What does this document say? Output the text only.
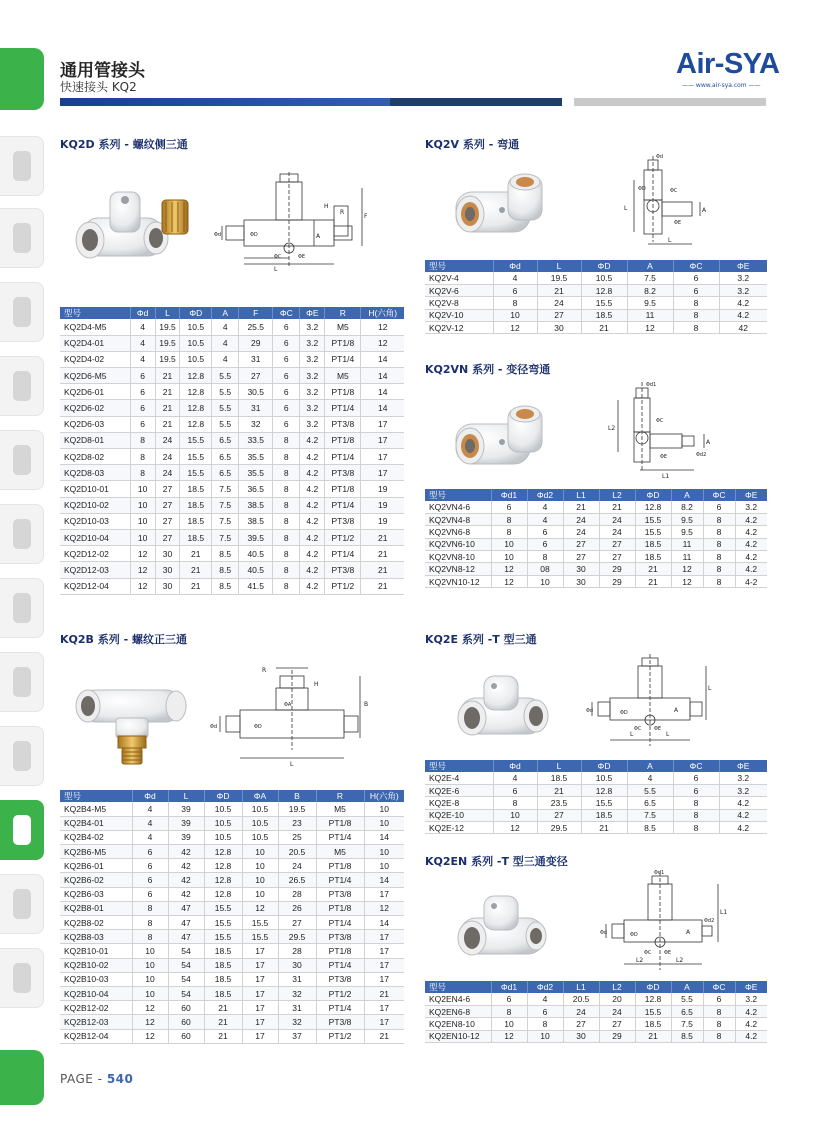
通用管接头
快速接头 KQ2
Air-SYA
—— www.air-sya.com ——
KQ2D 系列 - 螺纹侧三通
L
H
R
F
A
Φd	ΦD
ΦC	ΦE
型号	Φd	L	ΦD	A	F	ΦC	ΦE	R	H(六角)
KQ2D4-M5	4	19.5	10.5	4	25.5	6	3.2	M5	12
KQ2D4-01	4	19.5	10.5	4	29	6	3.2	PT1/8	12
KQ2D4-02	4	19.5	10.5	4	31	6	3.2	PT1/4	14
KQ2D6-M5	6	21	12.8	5.5	27	6	3.2	M5	14
KQ2D6-01	6	21	12.8	5.5	30.5	6	3.2	PT1/8	14
KQ2D6-02	6	21	12.8	5.5	31	6	3.2	PT1/4	14
KQ2D6-03	6	21	12.8	5.5	32	6	3.2	PT3/8	17
KQ2D8-01	8	24	15.5	6.5	33.5	8	4.2	PT1/8	17
KQ2D8-02	8	24	15.5	6.5	35.5	8	4.2	PT1/4	17
KQ2D8-03	8	24	15.5	6.5	35.5	8	4.2	PT3/8	17
KQ2D10-01	10	27	18.5	7.5	36.5	8	4.2	PT1/8	19
KQ2D10-02	10	27	18.5	7.5	38.5	8	4.2	PT1/4	19
KQ2D10-03	10	27	18.5	7.5	38.5	8	4.2	PT3/8	19
KQ2D10-04	10	27	18.5	7.5	39.5	8	4.2	PT1/2	21
KQ2D12-02	12	30	21	8.5	40.5	8	4.2	PT1/4	21
KQ2D12-03	12	30	21	8.5	40.5	8	4.2	PT3/8	21
KQ2D12-04	12	30	21	8.5	41.5	8	4.2	PT1/2	21
KQ2V 系列 - 弯通
L
L
A
ΦD	ΦC
ΦE
Φd
型号	Φd	L	ΦD	A	ΦC	ΦE
KQ2V-4	4	19.5	10.5	7.5	6	3.2
KQ2V-6	6	21	12.8	8.2	6	3.2
KQ2V-8	8	24	15.5	9.5	8	4.2
KQ2V-10	10	27	18.5	11	8	4.2
KQ2V-12	12	30	21	12	8	42
KQ2VN 系列 - 变径弯通
L2
L1
A
ΦC
ΦE
Φd1
Φd2
型号	Φd1	Φd2	L1	L2	ΦD	A	ΦC	ΦE
KQ2VN4-6	6	4	21	21	12.8	8.2	6	3.2
KQ2VN4-8	8	4	24	24	15.5	9.5	8	4.2
KQ2VN6-8	8	6	24	24	15.5	9.5	8	4.2
KQ2VN6-10	10	6	27	27	18.5	11	8	4.2
KQ2VN8-10	10	8	27	27	18.5	11	8	4.2
KQ2VN8-12	12	08	30	29	21	12	8	4.2
KQ2VN10-12	12	10	30	29	21	12	8	4-2
KQ2B 系列 - 螺纹正三通
L
R
H
B
ΦA
Φd	ΦD
型号	Φd	L	ΦD	ΦA	B	R	H(六角)
KQ2B4-M5	4	39	10.5	10.5	19.5	M5	10
KQ2B4-01	4	39	10.5	10.5	23	PT1/8	10
KQ2B4-02	4	39	10.5	10.5	25	PT1/4	14
KQ2B6-M5	6	42	12.8	10	20.5	M5	10
KQ2B6-01	6	42	12.8	10	24	PT1/8	10
KQ2B6-02	6	42	12.8	10	26.5	PT1/4	14
KQ2B6-03	6	42	12.8	10	28	PT3/8	17
KQ2B8-01	8	47	15.5	12	26	PT1/8	12
KQ2B8-02	8	47	15.5	15.5	27	PT1/4	14
KQ2B8-03	8	47	15.5	15.5	29.5	PT3/8	17
KQ2B10-01	10	54	18.5	17	28	PT1/8	17
KQ2B10-02	10	54	18.5	17	30	PT1/4	17
KQ2B10-03	10	54	18.5	17	31	PT3/8	17
KQ2B10-04	10	54	18.5	17	32	PT1/2	21
KQ2B12-02	12	60	21	17	31	PT1/4	17
KQ2B12-03	12	60	21	17	32	PT3/8	17
KQ2B12-04	12	60	21	17	37	PT1/2	21
KQ2E 系列 -T 型三通
L	L
L
A
ΦD
ΦC	ΦE
Φd
型号	Φd	L	ΦD	A	ΦC	ΦE
KQ2E-4	4	18.5	10.5	4	6	3.2
KQ2E-6	6	21	12.8	5.5	6	3.2
KQ2E-8	8	23.5	15.5	6.5	8	4.2
KQ2E-10	10	27	18.5	7.5	8	4.2
KQ2E-12	12	29.5	21	8.5	8	4.2
KQ2EN 系列 -T 型三通变径
L2	L2
L1
A
Φd2
Φd1
ΦC	ΦE
Φd	ΦD
型号	Φd1	Φd2	L1	L2	ΦD	A	ΦC	ΦE
KQ2EN4-6	6	4	20.5	20	12.8	5.5	6	3.2
KQ2EN6-8	8	6	24	24	15.5	6.5	8	4.2
KQ2EN8-10	10	8	27	27	18.5	7.5	8	4.2
KQ2EN10-12	12	10	30	29	21	8.5	8	4.2
PAGE - 540
